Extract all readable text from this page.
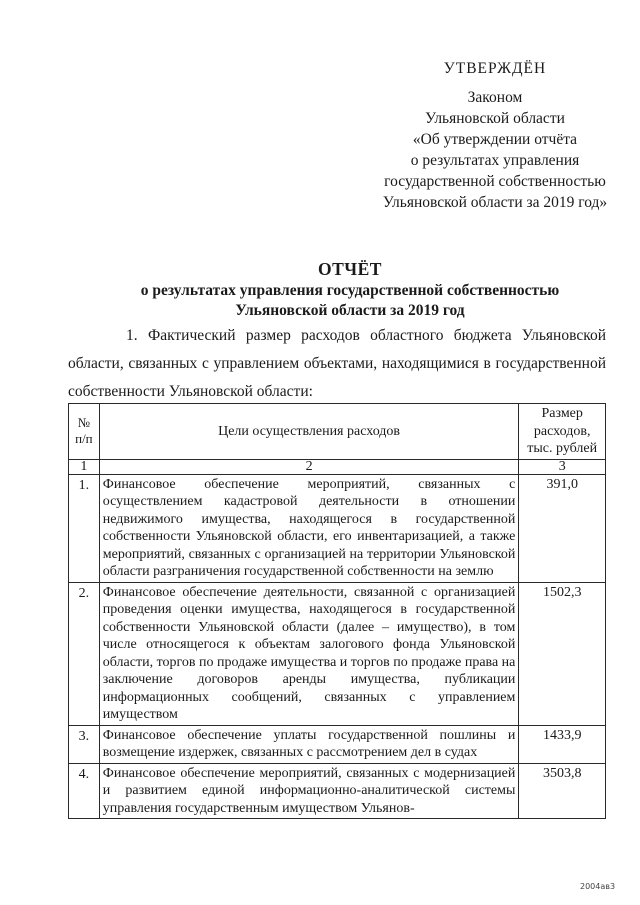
УТВЕРЖДЁН
Законом
Ульяновской области
«Об утверждении отчёта
о результатах управления
государственной собственностью
Ульяновской области за 2019 год»
ОТЧЁТ
о результатах управления государственной собственностью
Ульяновской области за 2019 год
1. Фактический размер расходов областного бюджета Ульяновской области, связанных с управлением объектами, находящимися в государственной собственности Ульяновской области:
№ п/п	Цели осуществления расходов	Размер расходов, тыс. рублей
1	2	3
1.	Финансовое обеспечение мероприятий, связанных с осуществлением кадастровой деятельности в отношении недвижимого имущества, находящегося в государственной собственности Ульяновской области, его инвентаризацией, а также мероприятий, связанных с организацией на территории Ульяновской области разграничения государственной собственности на землю	391,0
2.	Финансовое обеспечение деятельности, связанной с организацией проведения оценки имущества, находящегося в государственной собственности Ульяновской области (далее – имущество), в том числе относящегося к объектам залогового фонда Ульяновской области, торгов по продаже имущества и торгов по продаже права на заключение договоров аренды имущества, публикации информационных сообщений, связанных с управлением имуществом	1502,3
3.	Финансовое обеспечение уплаты государственной пошлины и возмещение издержек, связанных с рассмотрением дел в судах	1433,9
4.	Финансовое обеспечение мероприятий, связанных с модернизацией и развитием единой информационно-аналитической системы управления государственным имуществом Ульянов-	3503,8
2004ав3
